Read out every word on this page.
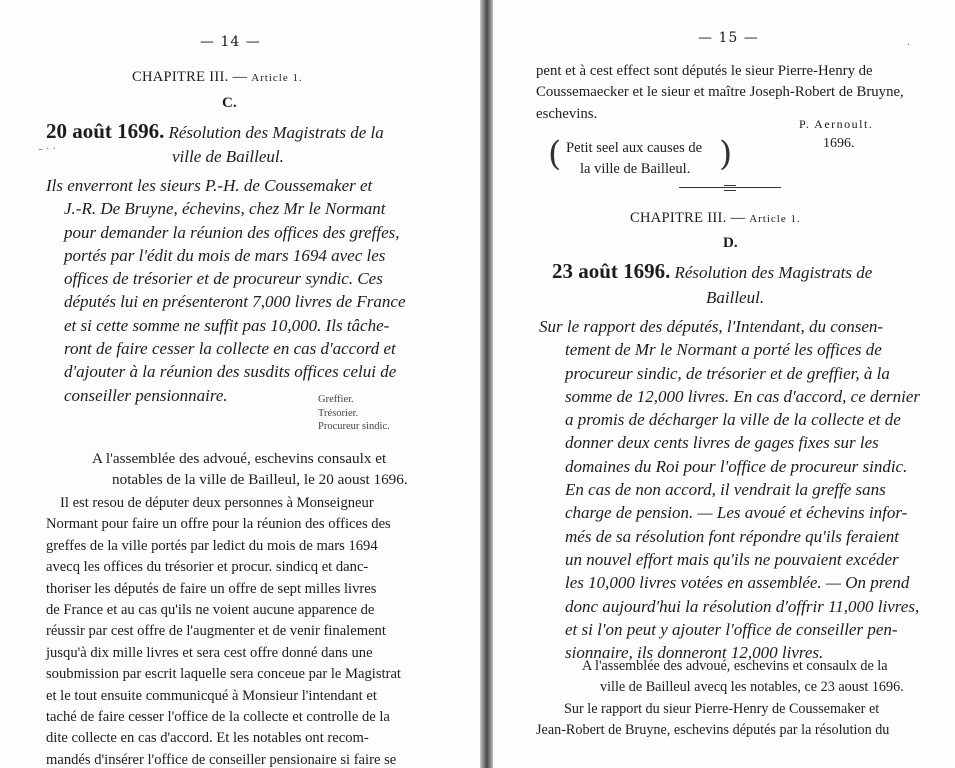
— 14 —
CHAPITRE III. — Article 1.
C.
20 août 1696. Résolution des Magistrats de la
ville de Bailleul.
– · ·
Ils enverront les sieurs P.-H. de Coussemaker et
J.-R. De Bruyne, échevins, chez Mr le Normant
pour demander la réunion des offices des greffes,
portés par l'édit du mois de mars 1694 avec les
offices de trésorier et de procureur syndic. Ces
députés lui en présenteront 7,000 livres de France
et si cette somme ne suffit pas 10,000. Ils tâche-
ront de faire cesser la collecte en cas d'accord et
d'ajouter à la réunion des susdits offices celui de
conseiller pensionnaire.	Greffier.
Trésorier.
Procureur sindic.
A l'assemblée des advoué, eschevins consaulx et
notables de la ville de Bailleul, le 20 aoust 1696.
Il est resou de députer deux personnes à Monseigneur
Normant pour faire un offre pour la réunion des offices des
greffes de la ville portés par ledict du mois de mars 1694
avecq les offices du trésorier et procur. sindicq et danc-
thoriser les députés de faire un offre de sept milles livres
de France et au cas qu'ils ne voient aucune apparence de
réussir par cest offre de l'augmenter et de venir finalement
jusqu'à dix mille livres et sera cest offre donné dans une
soubmission par escrit laquelle sera conceue par le Magistrat
et le tout ensuite communicqué à Monsieur l'intendant et
taché de faire cesser l'office de la collecte et controlle de la
dite collecte en cas d'accord. Et les notables ont recom-
mandés d'insérer l'office de conseiller pensionaire si faire se
— 15 —	·
pent et à cest effect sont députés le sieur Pierre-Henry de
Coussemaecker et le sieur et maître Joseph-Robert de Bruyne,
eschevins.
P. Aernoult.
1696.
( Petit seel aux causes de
la ville de Bailleul. )
CHAPITRE III. — Article 1.
D.
23 août 1696. Résolution des Magistrats de
Bailleul.
Sur le rapport des députés, l'Intendant, du consen-
tement de Mr le Normant a porté les offices de
procureur sindic, de trésorier et de greffier, à la
somme de 12,000 livres. En cas d'accord, ce dernier
a promis de décharger la ville de la collecte et de
donner deux cents livres de gages fixes sur les
domaines du Roi pour l'office de procureur sindic.
En cas de non accord, il vendrait la greffe sans
charge de pension. — Les avoué et échevins infor-
més de sa résolution font répondre qu'ils feraient
un nouvel effort mais qu'ils ne pouvaient excéder
les 10,000 livres votées en assemblée. — On prend
donc aujourd'hui la résolution d'offrir 11,000 livres,
et si l'on peut y ajouter l'office de conseiller pen-
sionnaire, ils donneront 12,000 livres.
A l'assemblée des advoué, eschevins et consaulx de la
ville de Bailleul avecq les notables, ce 23 aoust 1696.
Sur le rapport du sieur Pierre-Henry de Coussemaker et
Jean-Robert de Bruyne, eschevins députés par la résolution du
